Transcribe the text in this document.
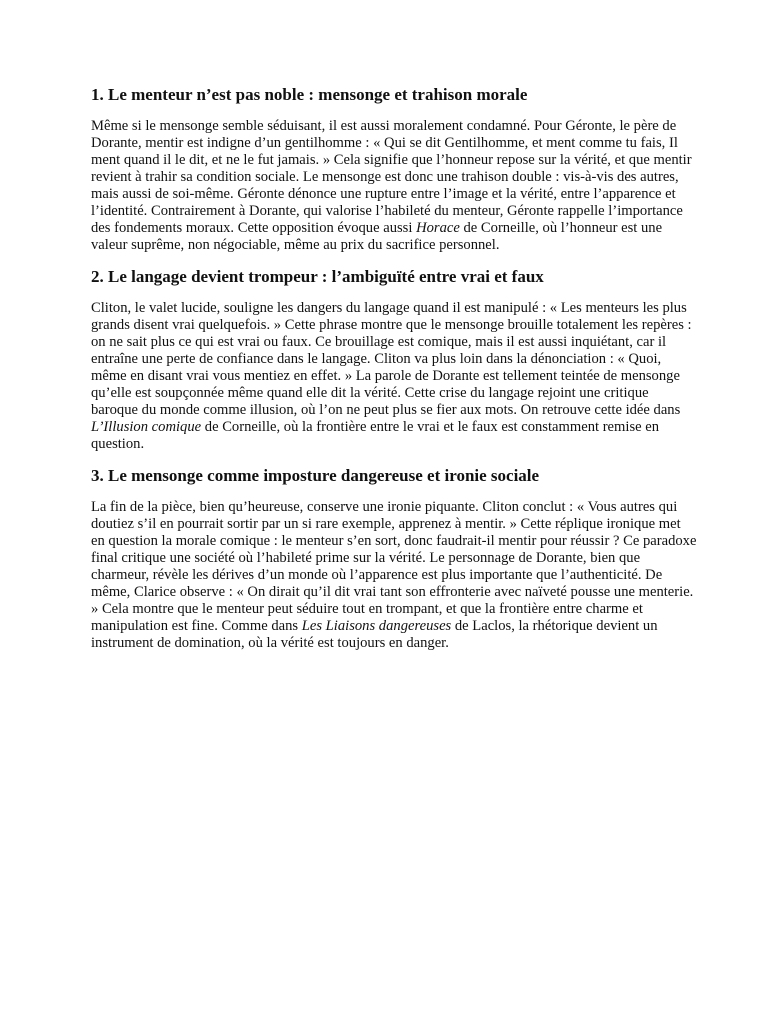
1. Le menteur n’est pas noble : mensonge et trahison morale

Même si le mensonge semble séduisant, il est aussi moralement condamné. Pour Géronte, le père de Dorante, mentir est indigne d’un gentilhomme : « Qui se dit Gentilhomme, et ment comme tu fais, Il ment quand il le dit, et ne le fut jamais. » Cela signifie que l’honneur repose sur la vérité, et que mentir revient à trahir sa condition sociale. Le mensonge est donc une trahison double : vis-à-vis des autres, mais aussi de soi-même. Géronte dénonce une rupture entre l’image et la vérité, entre l’apparence et l’identité. Contrairement à Dorante, qui valorise l’habileté du menteur, Géronte rappelle l’importance des fondements moraux. Cette opposition évoque aussi Horace de Corneille, où l’honneur est une valeur suprême, non négociable, même au prix du sacrifice personnel.

2. Le langage devient trompeur : l’ambiguïté entre vrai et faux

Cliton, le valet lucide, souligne les dangers du langage quand il est manipulé : « Les menteurs les plus grands disent vrai quelquefois. » Cette phrase montre que le mensonge brouille totalement les repères : on ne sait plus ce qui est vrai ou faux. Ce brouillage est comique, mais il est aussi inquiétant, car il entraîne une perte de confiance dans le langage. Cliton va plus loin dans la dénonciation : « Quoi, même en disant vrai vous mentiez en effet. » La parole de Dorante est tellement teintée de mensonge qu’elle est soupçonnée même quand elle dit la vérité. Cette crise du langage rejoint une critique baroque du monde comme illusion, où l’on ne peut plus se fier aux mots. On retrouve cette idée dans L’Illusion comique de Corneille, où la frontière entre le vrai et le faux est constamment remise en question.

3. Le mensonge comme imposture dangereuse et ironie sociale

La fin de la pièce, bien qu’heureuse, conserve une ironie piquante. Cliton conclut : « Vous autres qui doutiez s’il en pourrait sortir par un si rare exemple, apprenez à mentir. » Cette réplique ironique met en question la morale comique : le menteur s’en sort, donc faudrait-il mentir pour réussir ? Ce paradoxe final critique une société où l’habileté prime sur la vérité. Le personnage de Dorante, bien que charmeur, révèle les dérives d’un monde où l’apparence est plus importante que l’authenticité. De même, Clarice observe : « On dirait qu’il dit vrai tant son effronterie avec naïveté pousse une menterie. » Cela montre que le menteur peut séduire tout en trompant, et que la frontière entre charme et manipulation est fine. Comme dans Les Liaisons dangereuses de Laclos, la rhétorique devient un instrument de domination, où la vérité est toujours en danger.
